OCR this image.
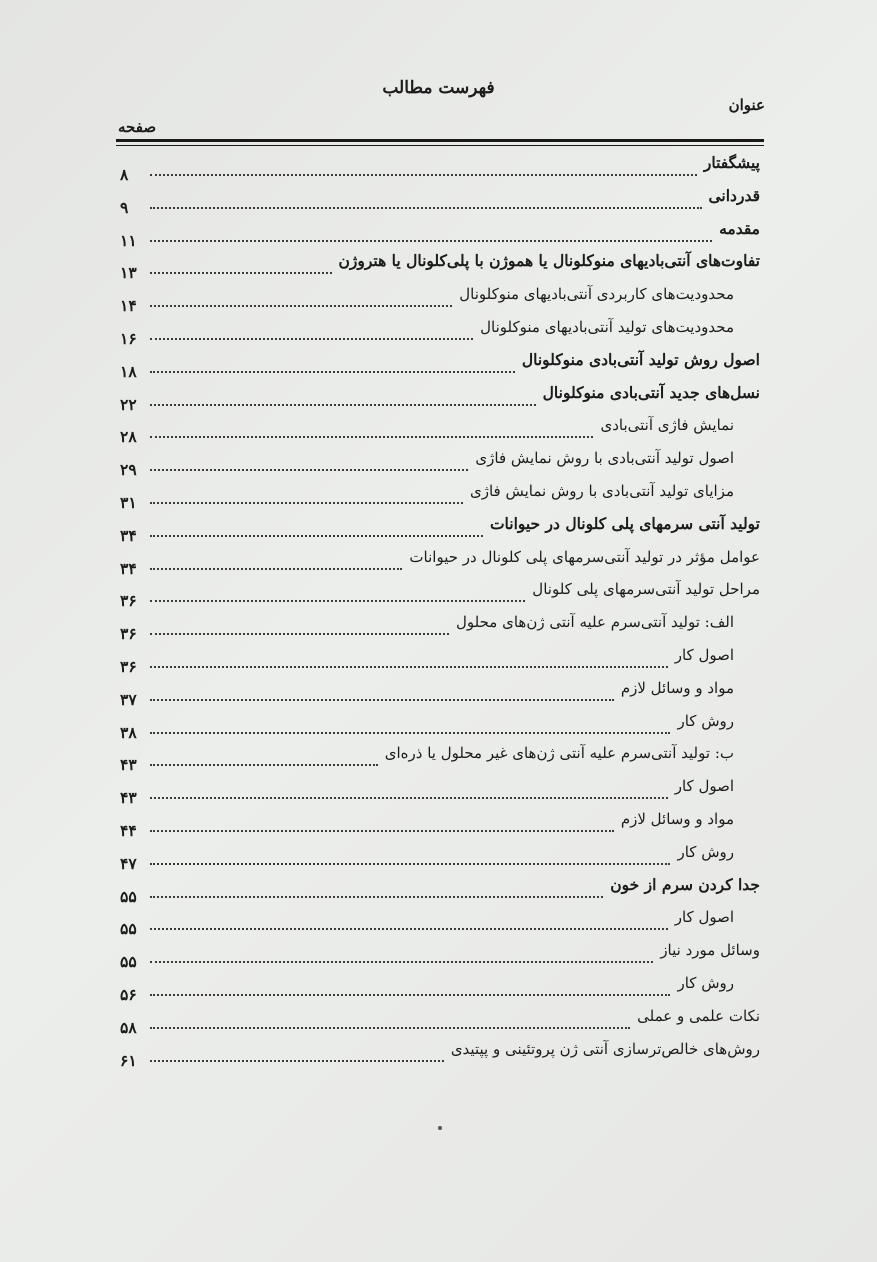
فهرست مطالب
عنوان
صفحه
پیشگفتار
۸
قدردانی
۹
مقدمه
۱۱
تفاوت‌های آنتی‌بادیهای منوکلونال یا هموژن با پلی‌کلونال یا هتروژن
۱۳
محدودیت‌های کاربردی آنتی‌بادیهای منوکلونال
۱۴
محدودیت‌های تولید آنتی‌بادیهای منوکلونال
۱۶
اصول روش تولید آنتی‌بادی منوکلونال
۱۸
نسل‌های جدید آنتی‌بادی منوکلونال
۲۲
نمایش فاژی آنتی‌بادی
۲۸
اصول تولید آنتی‌بادی با روش نمایش فاژی
۲۹
مزایای تولید آنتی‌بادی با روش نمایش فاژی
۳۱
تولید آنتی سرمهای پلی کلونال در حیوانات
۳۴
عوامل مؤثر در تولید آنتی‌سرمهای پلی کلونال در حیوانات
۳۴
مراحل تولید آنتی‌سرمهای پلی کلونال
۳۶
الف: تولید آنتی‌سرم علیه آنتی ژن‌های محلول
۳۶
اصول کار
۳۶
مواد و وسائل لازم
۳۷
روش کار
۳۸
ب: تولید آنتی‌سرم علیه آنتی ژن‌های غیر محلول یا ذره‌ای
۴۳
اصول کار
۴۳
مواد و وسائل لازم
۴۴
روش کار
۴۷
جدا کردن سرم از خون
۵۵
اصول کار
۵۵
وسائل مورد نیاز
۵۵
روش کار
۵۶
نکات علمی و عملی
۵۸
روش‌های خالص‌ترسازی آنتی ژن پروتئینی و پپتیدی
۶۱
